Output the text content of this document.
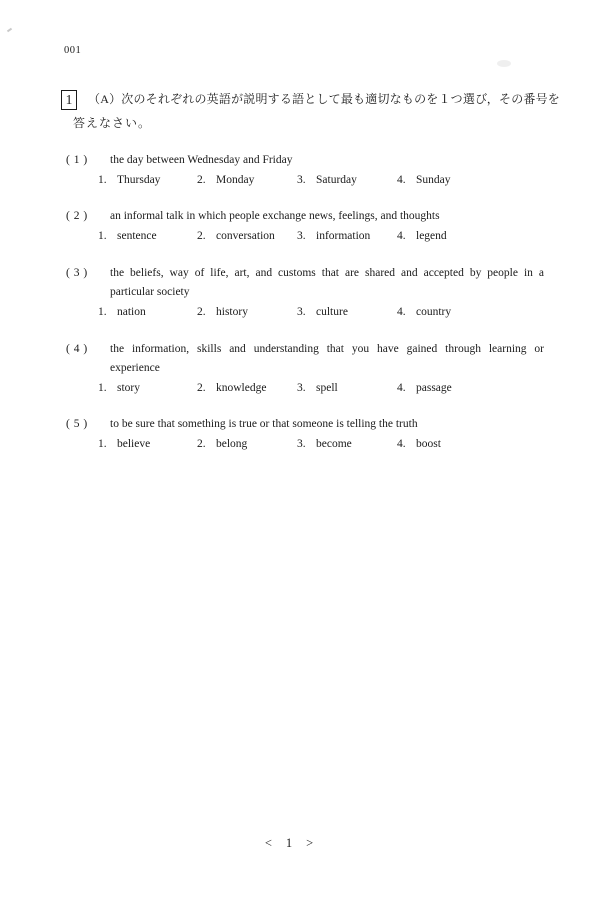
001
1	（A）次のそれぞれの英語が説明する語として最も適切なものを１つ選び，その番号を
答えなさい。
( 1 ) the day between Wednesday and Friday
1. Thursday	2. Monday	3. Saturday	4. Sunday
( 2 ) an informal talk in which people exchange news, feelings, and thoughts
1. sentence	2. conversation 3. information 4. legend
( 3 ) the beliefs, way of life, art, and customs that are shared and accepted by people in a
particular society
1. nation	2. history	3. culture	4. country
( 4 ) the information, skills and understanding that you have gained through learning or
experience
1. story	2. knowledge	3. spell	4. passage
( 5 ) to be sure that something is true or that someone is telling the truth
1. believe	2. belong	3. become	4. boost
< 1 >
